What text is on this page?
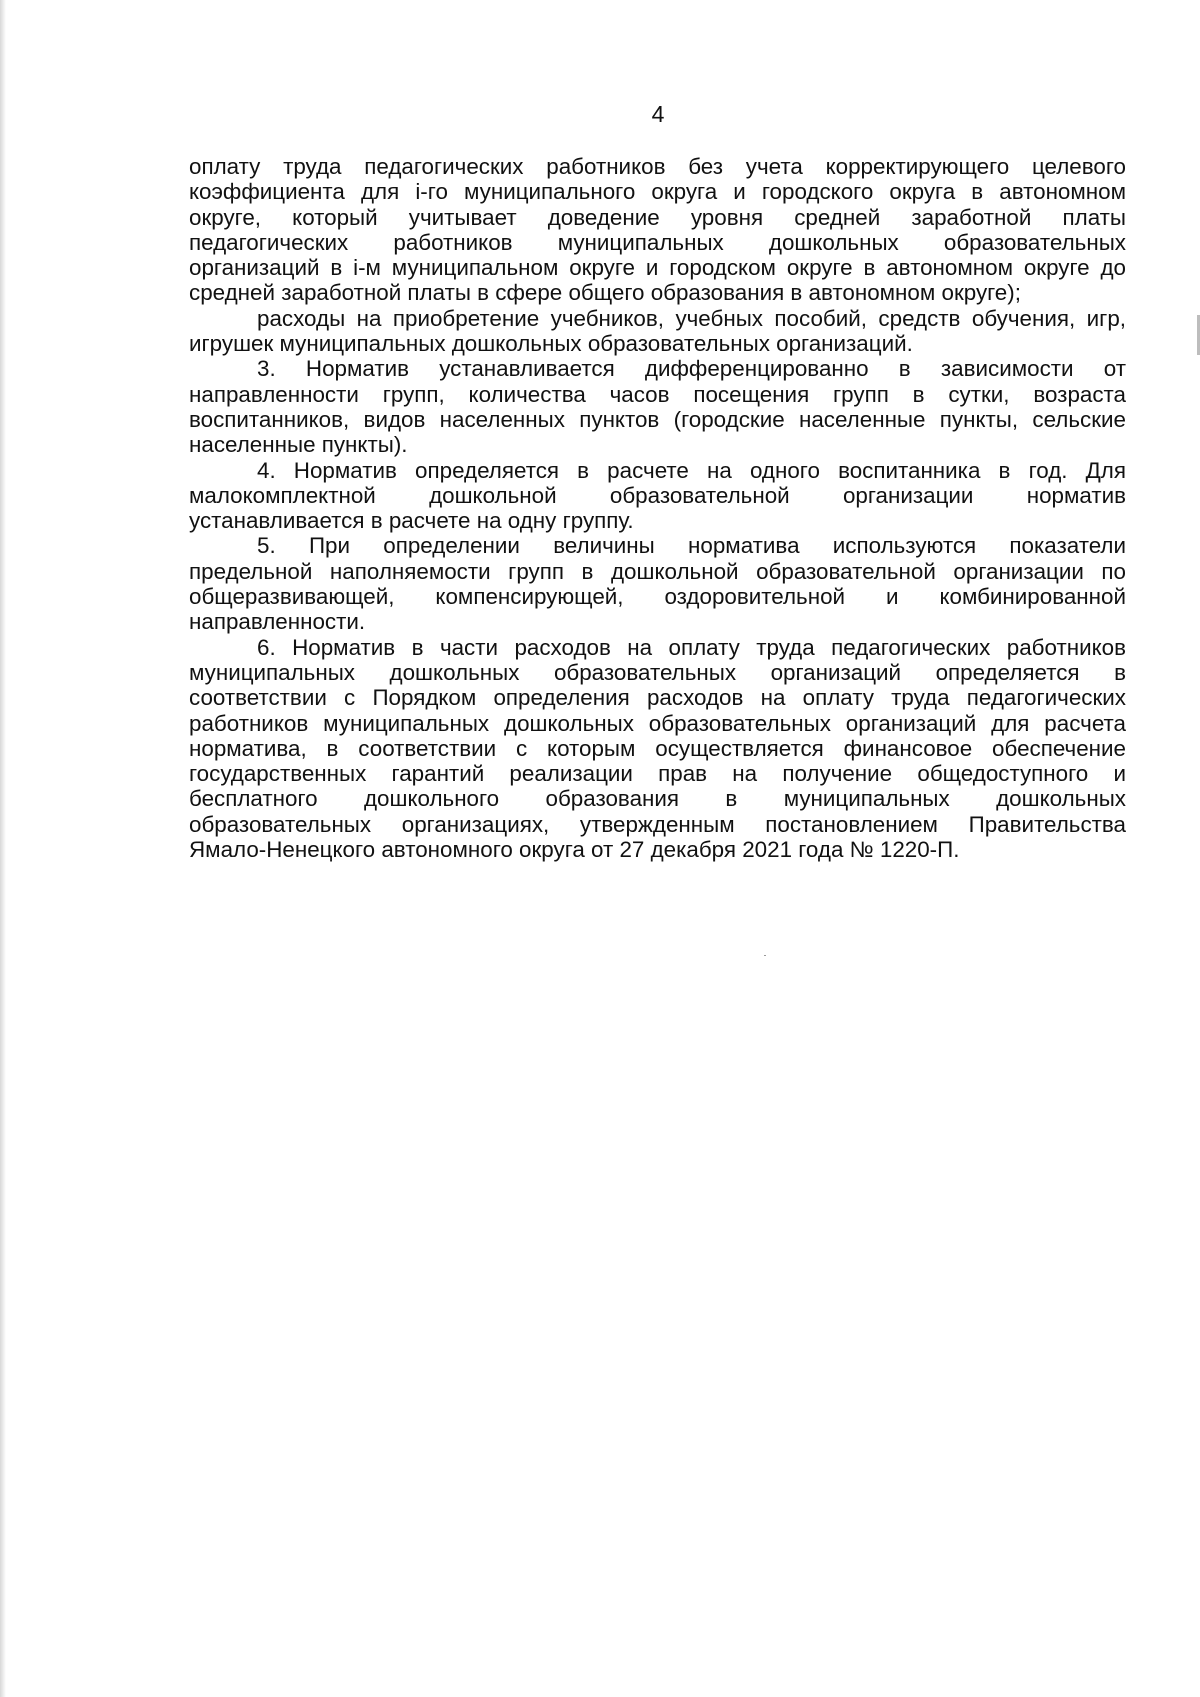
4
оплату труда педагогических работников без учета корректирующего целевого
коэффициента для i-го муниципального округа и городского округа в автономном
округе, который учитывает доведение уровня средней заработной платы
педагогических работников муниципальных дошкольных образовательных
организаций в i-м муниципальном округе и городском округе в автономном округе до
средней заработной платы в сфере общего образования в автономном округе);
расходы на приобретение учебников, учебных пособий, средств обучения, игр,
игрушек муниципальных дошкольных образовательных организаций.
3. Норматив устанавливается дифференцированно в зависимости от
направленности групп, количества часов посещения групп в сутки, возраста
воспитанников, видов населенных пунктов (городские населенные пункты, сельские
населенные пункты).
4. Норматив определяется в расчете на одного воспитанника в год. Для
малокомплектной дошкольной образовательной организации норматив
устанавливается в расчете на одну группу.
5. При определении величины норматива используются показатели
предельной наполняемости групп в дошкольной образовательной организации по
общеразвивающей, компенсирующей, оздоровительной и комбинированной
направленности.
6. Норматив в части расходов на оплату труда педагогических работников
муниципальных дошкольных образовательных организаций определяется в
соответствии с Порядком определения расходов на оплату труда педагогических
работников муниципальных дошкольных образовательных организаций для расчета
норматива, в соответствии с которым осуществляется финансовое обеспечение
государственных гарантий реализации прав на получение общедоступного и
бесплатного дошкольного образования в муниципальных дошкольных
образовательных организациях, утвержденным постановлением Правительства
Ямало-Ненецкого автономного округа от 27 декабря 2021 года № 1220-П.
